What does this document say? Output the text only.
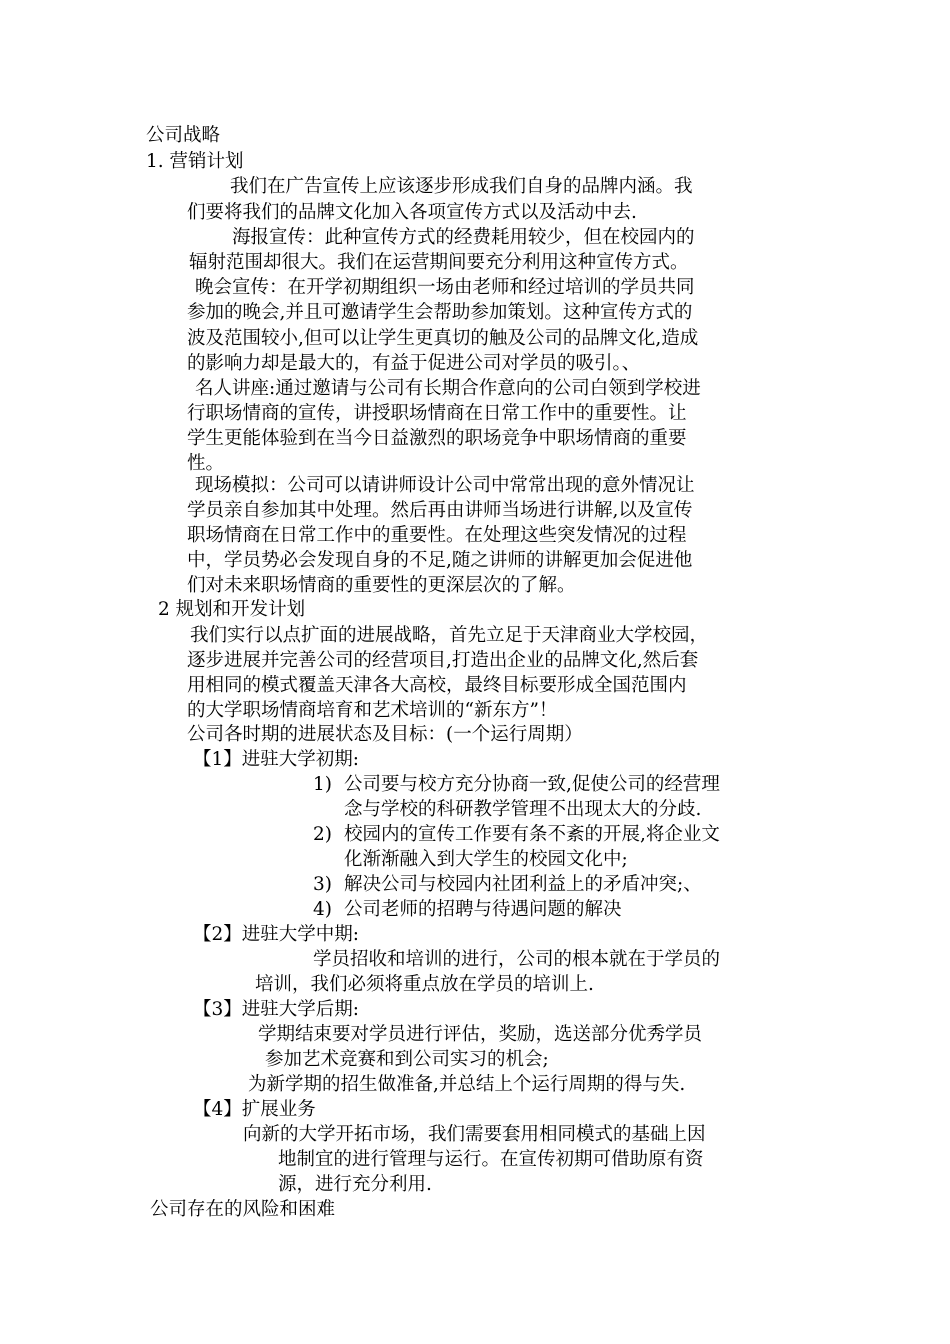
公司战略
1. 营销计划
我们在广告宣传上应该逐步形成我们自身的品牌内涵。我
们要将我们的品牌文化加入各项宣传方式以及活动中去.
海报宣传：此种宣传方式的经费耗用较少，但在校园内的
辐射范围却很大。我们在运营期间要充分利用这种宣传方式。
晚会宣传：在开学初期组织一场由老师和经过培训的学员共同
参加的晚会,并且可邀请学生会帮助参加策划。这种宣传方式的
波及范围较小,但可以让学生更真切的触及公司的品牌文化,造成
的影响力却是最大的，有益于促进公司对学员的吸引。、
名人讲座:通过邀请与公司有长期合作意向的公司白领到学校进
行职场情商的宣传，讲授职场情商在日常工作中的重要性。让
学生更能体验到在当今日益激烈的职场竞争中职场情商的重要
性。
现场模拟：公司可以请讲师设计公司中常常出现的意外情况让
学员亲自参加其中处理。然后再由讲师当场进行讲解,以及宣传
职场情商在日常工作中的重要性。在处理这些突发情况的过程
中，学员势必会发现自身的不足,随之讲师的讲解更加会促进他
们对未来职场情商的重要性的更深层次的了解。
2 规划和开发计划
我们实行以点扩面的进展战略，首先立足于天津商业大学校园，
逐步进展并完善公司的经营项目,打造出企业的品牌文化,然后套
用相同的模式覆盖天津各大高校，最终目标要形成全国范围内
的大学职场情商培育和艺术培训的“新东方”！
公司各时期的进展状态及目标：(一个运行周期）
【1】进驻大学初期:
1) 公司要与校方充分协商一致,促使公司的经营理
念与学校的科研教学管理不出现太大的分歧.
2) 校园内的宣传工作要有条不紊的开展,将企业文
化渐渐融入到大学生的校园文化中;
3) 解决公司与校园内社团利益上的矛盾冲突;、
4) 公司老师的招聘与待遇问题的解决
【2】进驻大学中期:
学员招收和培训的进行，公司的根本就在于学员的
培训，我们必须将重点放在学员的培训上.
【3】进驻大学后期:
学期结束要对学员进行评估，奖励，选送部分优秀学员
参加艺术竞赛和到公司实习的机会;
为新学期的招生做准备,并总结上个运行周期的得与失.
【4】扩展业务
向新的大学开拓市场，我们需要套用相同模式的基础上因
地制宜的进行管理与运行。在宣传初期可借助原有资
源，进行充分利用.
公司存在的风险和困难
